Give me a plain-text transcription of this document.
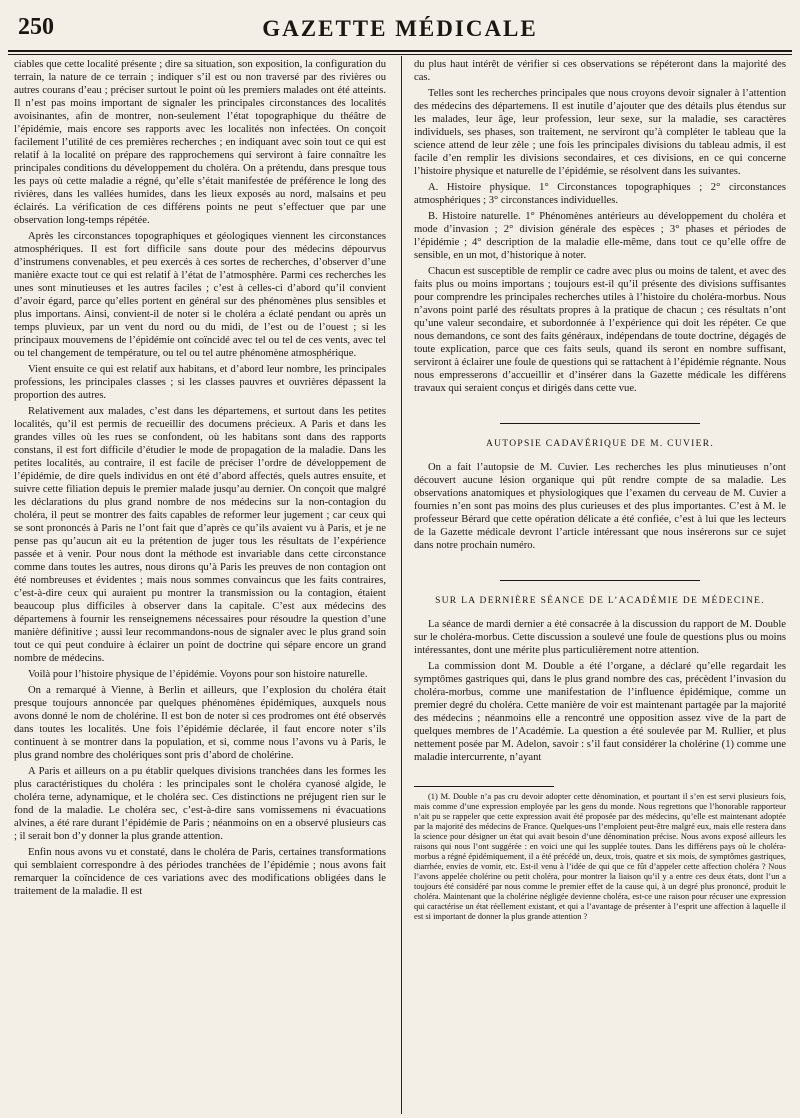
250	GAZETTE MÉDICALE

ciables que cette localité présente ; dire sa situation, son exposition, la configuration du terrain, la nature de ce terrain ; indiquer s’il est ou non traversé par des rivières ou autres courans d’eau ; préciser surtout le point où les premiers malades ont été atteints. Il n’est pas moins important de signaler les principales circonstances des localités avoisinantes, afin de montrer, non-seulement l’état topographique du théâtre de l’épidémie, mais encore ses rapports avec les localités non infectées. On conçoit facilement l’utilité de ces premières recherches ; en indiquant avec soin tout ce qui est relatif à la localité on prépare des rapprochemens qui serviront à faire connaître les principales conditions du développement du choléra. On a prétendu, dans presque tous les pays où cette maladie a régné, qu’elle s’était manifestée de préférence le long des rivières, dans les vallées humides, dans les lieux exposés au nord, malsains et peu éclairés. La vérification de ces différens points ne peut s’effectuer que par une observation long-temps répétée.

Après les circonstances topographiques et géologiques viennent les circonstances atmosphériques. Il est fort difficile sans doute pour des médecins dépourvus d’instrumens convenables, et peu exercés à ces sortes de recherches, d’observer d’une manière exacte tout ce qui est relatif à l’état de l’atmosphère. Parmi ces recherches les unes sont minutieuses et les autres faciles ; c’est à celles-ci d’abord qu’il convient d’avoir égard, parce qu’elles portent en général sur des phénomènes plus sensibles et plus importans. Ainsi, convient-il de noter si le choléra a éclaté pendant ou après un temps pluvieux, par un vent du nord ou du midi, de l’est ou de l’ouest ; si les principaux mouvemens de l’épidémie ont coïncidé avec tel ou tel de ces vents, avec tel ou tel changement de température, ou tel ou tel autre phénomène atmosphérique.

Vient ensuite ce qui est relatif aux habitans, et d’abord leur nombre, les principales professions, les principales classes ; si les classes pauvres et ouvrières dépassent la proportion des autres.

Relativement aux malades, c’est dans les départemens, et surtout dans les petites localités, qu’il est permis de recueillir des documens précieux. A Paris et dans les grandes villes où les rues se confondent, où les habitans sont dans des rapports constans, il est fort difficile d’étudier le mode de propagation de la maladie. Dans les petites localités, au contraire, il est facile de préciser l’ordre de développement de l’épidémie, de dire quels individus en ont été d’abord affectés, quels autres ensuite, et suivre cette filiation depuis le premier malade jusqu’au dernier. On conçoit que malgré les déclarations du plus grand nombre de nos médecins sur la non-contagion du choléra, il peut se montrer des faits capables de reformer leur jugement ; car ceux qui se sont prononcés à Paris ne l’ont fait que d’après ce qu’ils avaient vu à Paris, et je ne pense pas qu’aucun ait eu la prétention de juger tous les résultats de l’expérience passée et à venir. Pour nous dont la méthode est invariable dans cette circonstance comme dans toutes les autres, nous dirons qu’à Paris les preuves de non contagion ont été nombreuses et évidentes ; mais nous sommes convaincus que les faits contraires, c’est-à-dire ceux qui auraient pu montrer la transmission ou la contagion, étaient beaucoup plus difficiles à observer dans la capitale. C’est aux médecins des départemens à fournir les renseignemens nécessaires pour résoudre la question d’une manière définitive ; aussi leur recommandons-nous de signaler avec le plus grand soin tout ce qui peut conduire à éclairer un point de doctrine qui sépare encore un grand nombre de médecins.

Voilà pour l’histoire physique de l’épidémie. Voyons pour son histoire naturelle.

On a remarqué à Vienne, à Berlin et ailleurs, que l’explosion du choléra était presque toujours annoncée par quelques phénomènes épidémiques, auxquels nous avons donné le nom de cholérine. Il est bon de noter si ces prodromes ont été observés dans toutes les localités. Une fois l’épidémie déclarée, il faut encore noter s’ils continuent à se montrer dans la population, et si, comme nous l’avons vu à Paris, le plus grand nombre des cholériques sont pris d’abord de cholérine.

A Paris et ailleurs on a pu établir quelques divisions tranchées dans les formes les plus caractéristiques du choléra : les principales sont le choléra cyanosé algide, le choléra terne, adynamique, et le choléra sec. Ces distinctions ne préjugent rien sur le fond de la maladie. Le choléra sec, c’est-à-dire sans vomissemens ni évacuations alvines, a été rare durant l’épidémie de Paris ; néanmoins on en a observé plusieurs cas ; il serait bon d’y donner la plus grande attention.

Enfin nous avons vu et constaté, dans le choléra de Paris, certaines transformations qui semblaient correspondre à des périodes tranchées de l’épidémie ; nous avons fait remarquer la coïncidence de ces variations avec des modifications obligées dans le traitement de la maladie. Il est

du plus haut intérêt de vérifier si ces observations se répéteront dans la majorité des cas.

Telles sont les recherches principales que nous croyons devoir signaler à l’attention des médecins des départemens. Il est inutile d’ajouter que des détails plus étendus sur les malades, leur âge, leur profession, leur sexe, sur la maladie, ses caractères individuels, ses phases, son traitement, ne serviront qu’à compléter le tableau que la science attend de leur zèle ; une fois les principales divisions du tableau admis, il est facile d’en remplir les divisions secondaires, et ces divisions, en ce qui concerne l’histoire physique et naturelle de l’épidémie, se résolvent dans les suivantes.

A. Histoire physique. 1° Circonstances topographiques ; 2° circonstances atmosphériques ; 3° circonstances individuelles.

B. Histoire naturelle. 1° Phénomènes antérieurs au développement du choléra et mode d’invasion ; 2° division générale des espèces ; 3° phases et périodes de l’épidémie ; 4° description de la maladie elle-même, dans tout ce qu’elle offre de sensible, en un mot, d’historique à noter.

Chacun est susceptible de remplir ce cadre avec plus ou moins de talent, et avec des faits plus ou moins importans ; toujours est-il qu’il présente des divisions suffisantes pour comprendre les principales recherches utiles à l’histoire du choléra-morbus. Nous n’avons point parlé des résultats propres à la pratique de chacun ; ces résultats n’ont qu’une valeur secondaire, et subordonnée à l’expérience qui doit les répéter. Ce que nous demandons, ce sont des faits généraux, indépendans de toute doctrine, dégagés de toute explication, parce que ces faits seuls, quand ils seront en nombre suffisant, serviront à éclairer une foule de questions qui se rattachent à l’épidémie régnante. Nous nous empresserons d’accueillir et d’insérer dans la Gazette médicale les différens travaux qui seraient conçus et dirigés dans cette vue.

AUTOPSIE CADAVÉRIQUE DE M. CUVIER.

On a fait l’autopsie de M. Cuvier. Les recherches les plus minutieuses n’ont découvert aucune lésion organique qui pût rendre compte de sa maladie. Les observations anatomiques et physiologiques que l’examen du cerveau de M. Cuvier a fournies n’en sont pas moins des plus curieuses et des plus importantes. C’est à M. le professeur Bérard que cette opération délicate a été confiée, c’est à lui que les lecteurs de la Gazette médicale devront l’article intéressant que nous insérerons sur ce sujet dans notre prochain numéro.

SUR LA DERNIÈRE SÉANCE DE L’ACADÉMIE DE MÉDECINE.

La séance de mardi dernier a été consacrée à la discussion du rapport de M. Double sur le choléra-morbus. Cette discussion a soulevé une foule de questions plus ou moins intéressantes, dont une mérite plus particulièrement notre attention.

La commission dont M. Double a été l’organe, a déclaré qu’elle regardait les symptômes gastriques qui, dans le plus grand nombre des cas, précèdent l’invasion du choléra-morbus, comme une manifestation de l’influence épidémique, comme un premier degré du choléra. Cette manière de voir est maintenant partagée par la majorité des médecins ; néanmoins elle a rencontré une opposition assez vive de la part de quelques membres de l’Académie. La question a été soulevée par M. Rullier, et plus nettement posée par M. Adelon, savoir : s’il faut considérer la cholérine (1) comme une maladie intercurrente, n’ayant

(1) M. Double n’a pas cru devoir adopter cette dénomination, et pourtant il s’en est servi plusieurs fois, mais comme d’une expression employée par les gens du monde. Nous regrettons que l’honorable rapporteur n’ait pu se rappeler que cette expression avait été proposée par des médecins, qu’elle est maintenant adoptée par la majorité des médecins de France. Quelques-uns l’emploient peut-être malgré eux, mais elle restera dans la science pour désigner un état qui avait besoin d’une dénomination précise. Nous avons exposé ailleurs les raisons qui nous l’ont suggérée : en voici une qui les supplée toutes. Dans les différens pays où le choléra-morbus a régné épidémiquement, il a été précédé un, deux, trois, quatre et six mois, de symptômes gastriques, diarrhée, envies de vomir, etc. Est-il venu à l’idée de qui que ce fût d’appeler cette affection choléra ? Nous l’avons appelée cholérine ou petit choléra, pour montrer la liaison qu’il y a entre ces deux états, dont l’un a toujours été considéré par nous comme le premier effet de la cause qui, à un degré plus prononcé, produit le choléra. Maintenant que la cholérine négligée devienne choléra, est-ce une raison pour récuser une expression qui caractérise un état réellement existant, et qui a l’avantage de présenter à l’esprit une affection à laquelle il est si important de donner la plus grande attention ?
